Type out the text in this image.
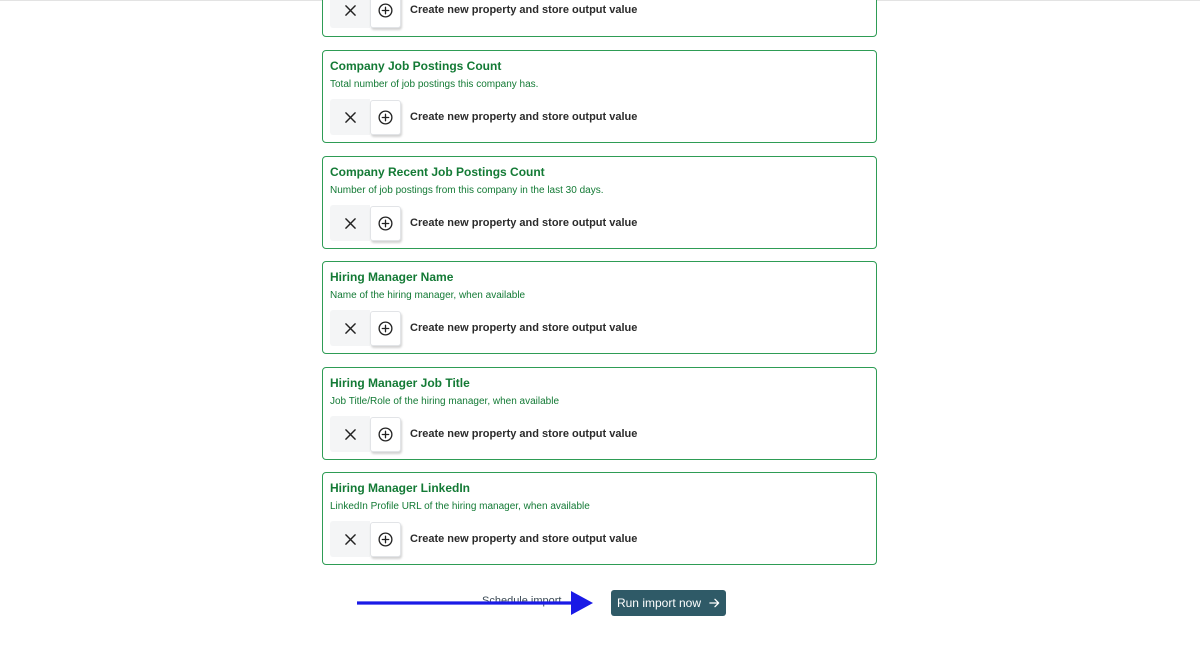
Create new property and store output value
Company Job Postings Count
Total number of job postings this company has.
Create new property and store output value
Company Recent Job Postings Count
Number of job postings from this company in the last 30 days.
Create new property and store output value
Hiring Manager Name
Name of the hiring manager, when available
Create new property and store output value
Hiring Manager Job Title
Job Title/Role of the hiring manager, when available
Create new property and store output value
Hiring Manager LinkedIn
LinkedIn Profile URL of the hiring manager, when available
Create new property and store output value
Schedule import	Run import now
